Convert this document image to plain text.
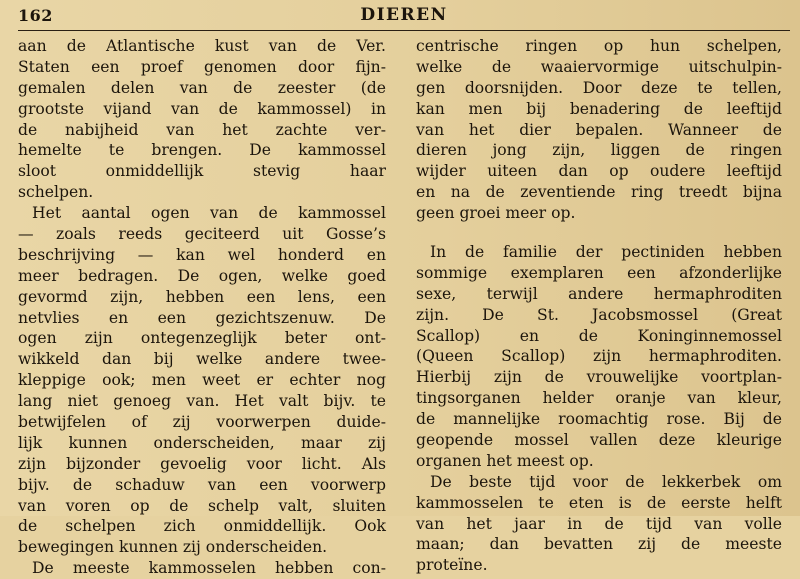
162	DIEREN
aan de Atlantische kust van de Ver.
Staten een proef genomen door fijn-
gemalen delen van de zeester (de
grootste vijand van de kammossel) in
de nabijheid van het zachte ver-
hemelte te brengen. De kammossel
sloot onmiddellijk stevig haar
schelpen.
Het aantal ogen van de kammossel
— zoals reeds geciteerd uit Gosse’s
beschrijving — kan wel honderd en
meer bedragen. De ogen, welke goed
gevormd zijn, hebben een lens, een
netvlies en een gezichtszenuw. De
ogen zijn ontegenzeglijk beter ont-
wikkeld dan bij welke andere twee-
kleppige ook; men weet er echter nog
lang niet genoeg van. Het valt bijv. te
betwijfelen of zij voorwerpen duide-
lijk kunnen onderscheiden, maar zij
zijn bijzonder gevoelig voor licht. Als
bijv. de schaduw van een voorwerp
van voren op de schelp valt, sluiten
de schelpen zich onmiddellijk. Ook
bewegingen kunnen zij onderscheiden.
De meeste kammosselen hebben con-
centrische ringen op hun schelpen,
welke de waaiervormige uitschulpin-
gen doorsnijden. Door deze te tellen,
kan men bij benadering de leeftijd
van het dier bepalen. Wanneer de
dieren jong zijn, liggen de ringen
wijder uiteen dan op oudere leeftijd
en na de zeventiende ring treedt bijna
geen groei meer op.
In de familie der pectiniden hebben
sommige exemplaren een afzonderlijke
sexe, terwijl andere hermaphroditen
zijn. De St. Jacobsmossel (Great
Scallop) en de Koninginnemossel
(Queen Scallop) zijn hermaphroditen.
Hierbij zijn de vrouwelijke voortplan-
tingsorganen helder oranje van kleur,
de mannelijke roomachtig rose. Bij de
geopende mossel vallen deze kleurige
organen het meest op.
De beste tijd voor de lekkerbek om
kammosselen te eten is de eerste helft
van het jaar in de tijd van volle
maan; dan bevatten zij de meeste
proteïne.
